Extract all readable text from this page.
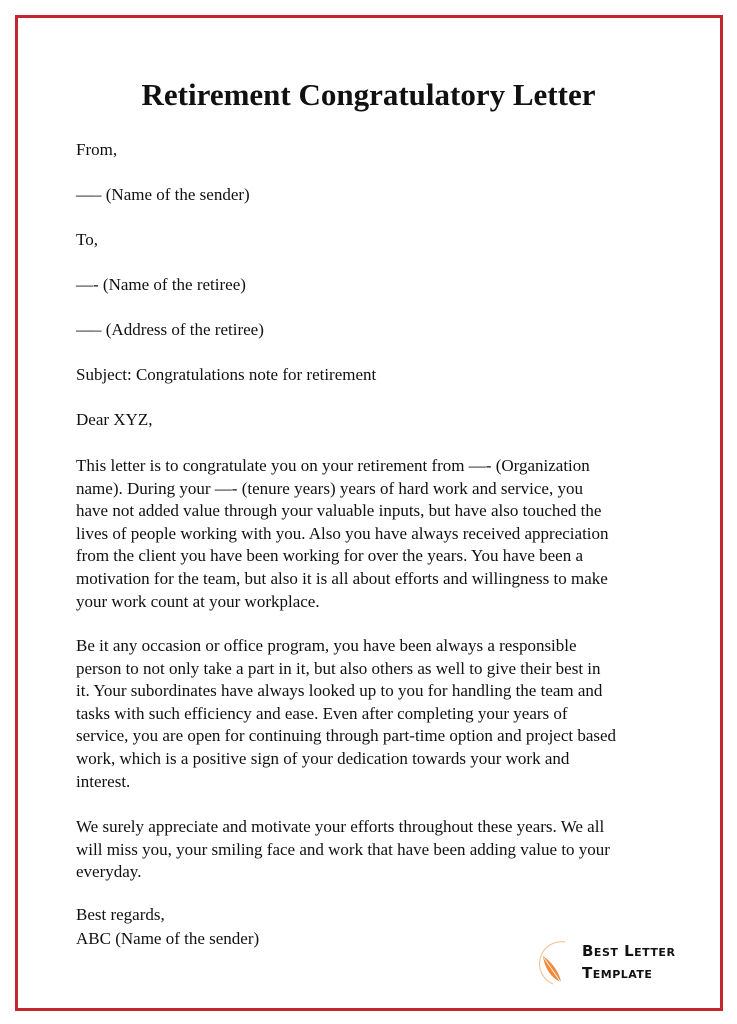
Retirement Congratulatory Letter
From,
—– (Name of the sender)
To,
—- (Name of the retiree)
—– (Address of the retiree)
Subject: Congratulations note for retirement
Dear XYZ,
This letter is to congratulate you on your retirement from —- (Organization
name). During your —- (tenure years) years of hard work and service, you
have not added value through your valuable inputs, but have also touched the
lives of people working with you. Also you have always received appreciation
from the client you have been working for over the years. You have been a
motivation for the team, but also it is all about efforts and willingness to make
your work count at your workplace.
Be it any occasion or office program, you have been always a responsible
person to not only take a part in it, but also others as well to give their best in
it. Your subordinates have always looked up to you for handling the team and
tasks with such efficiency and ease. Even after completing your years of
service, you are open for continuing through part-time option and project based
work, which is a positive sign of your dedication towards your work and
interest.
We surely appreciate and motivate your efforts throughout these years. We all
will miss you, your smiling face and work that have been adding value to your
everyday.
Best regards,
ABC (Name of the sender)
Best Letter
Template
